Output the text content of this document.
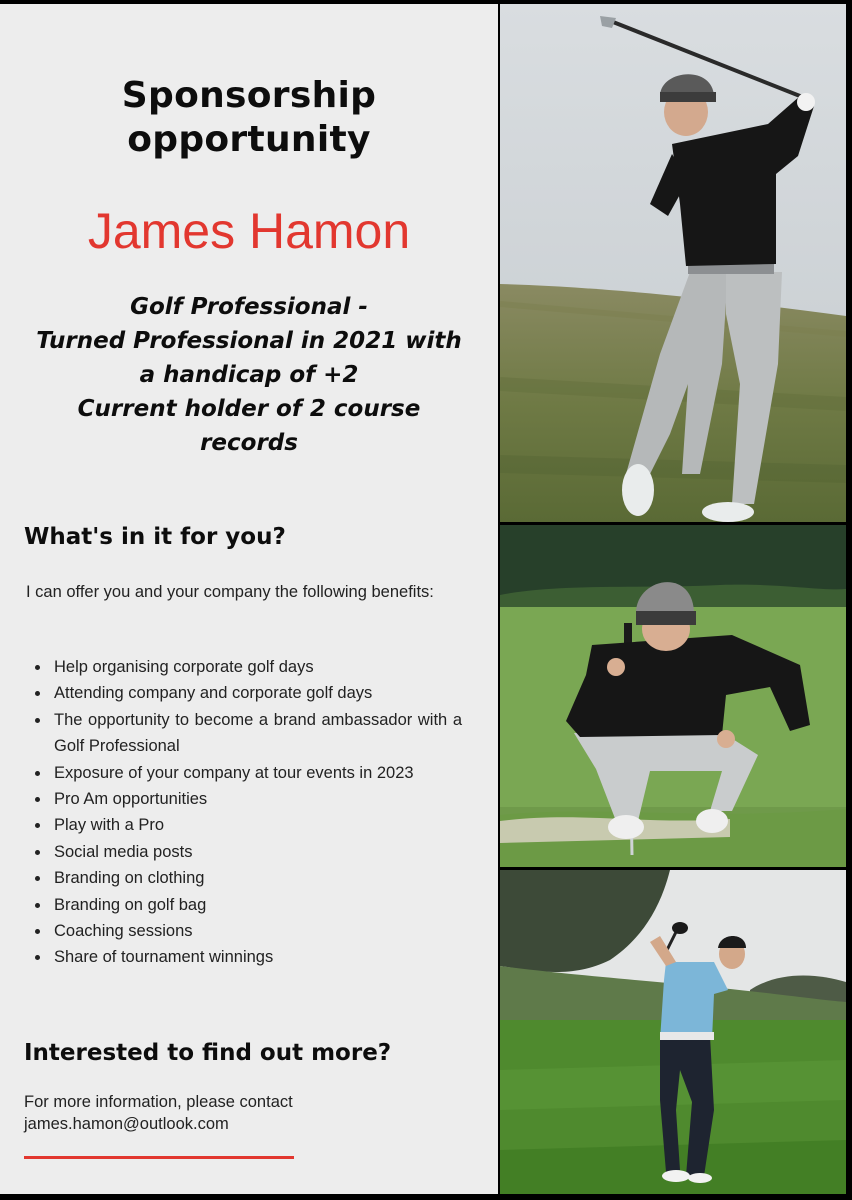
Sponsorship
opportunity
James Hamon
Golf Professional -
Turned Professional in 2021 with
a handicap of +2
Current holder of 2 course
records
What's in it for you?
I can offer you and your company the following benefits:
Help organising corporate golf days
Attending company and corporate golf days
The opportunity to become a brand ambassador with a Golf Professional
Exposure of your company at tour events in 2023
Pro Am opportunities
Play with a Pro
Social media posts
Branding on clothing
Branding on golf bag
Coaching sessions
Share of tournament winnings
Interested to find out more?
For more information, please contact
james.hamon@outlook.com
